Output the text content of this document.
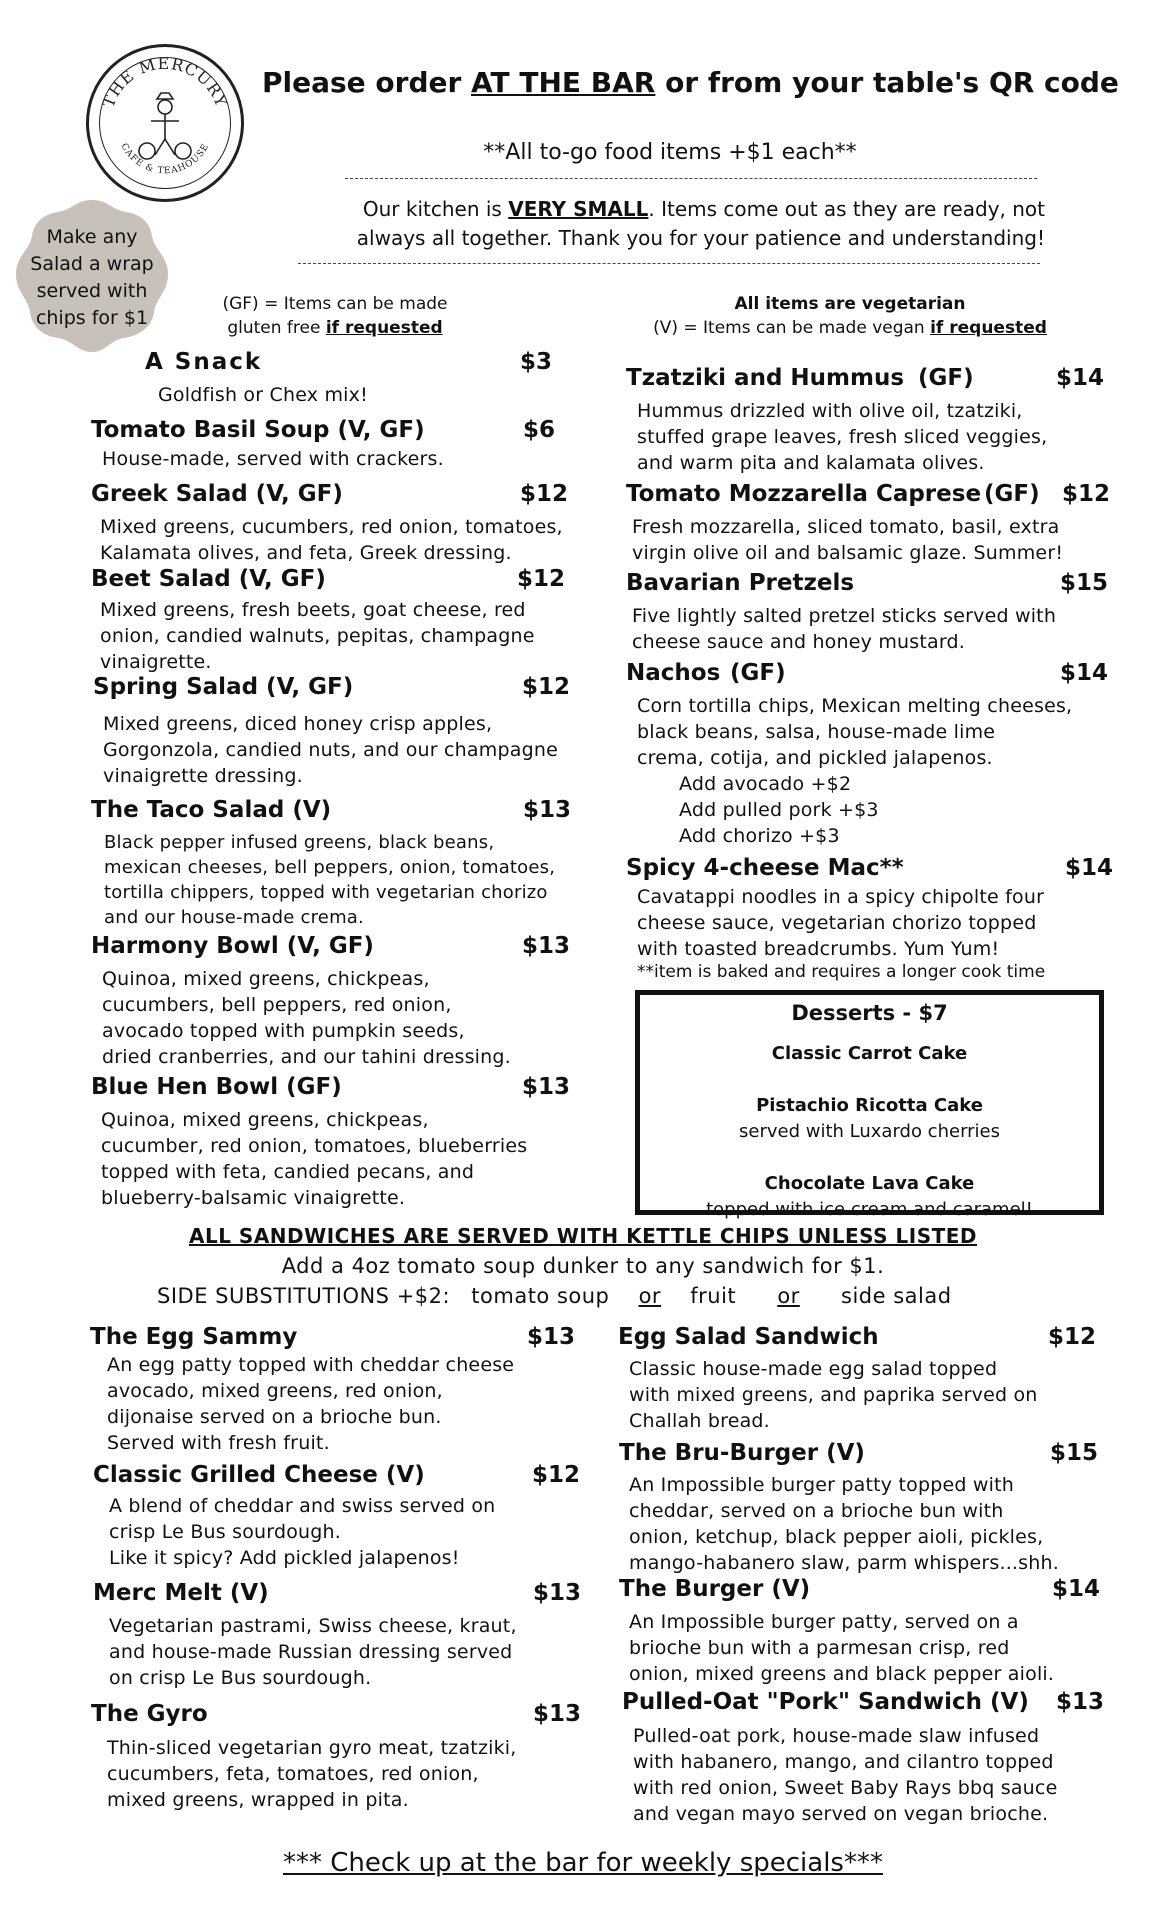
THE MERCURY
CAFE & TEAHOUSE
Make any
Salad a wrap
served with
chips for $1
Please order AT THE BAR or from your table's QR code
**All to-go food items +$1 each**
Our kitchen is VERY SMALL. Items come out as they are ready, not
always all together. Thank you for your patience and understanding!
(GF) = Items can be made
gluten free if requested
All items are vegetarian
(V) = Items can be made vegan if requested
A Snack	$3
Goldfish or Chex mix!
Tomato Basil Soup (V, GF)	$6
House-made, served with crackers.
Greek Salad (V, GF)	$12
Mixed greens, cucumbers, red onion, tomatoes,
Kalamata olives, and feta, Greek dressing.
Beet Salad (V, GF)	$12
Mixed greens, fresh beets, goat cheese, red
onion, candied walnuts, pepitas, champagne
vinaigrette.
Spring Salad (V, GF)	$12
Mixed greens, diced honey crisp apples,
Gorgonzola, candied nuts, and our champagne
vinaigrette dressing.
The Taco Salad (V)	$13
Black pepper infused greens, black beans,
mexican cheeses, bell peppers, onion, tomatoes,
tortilla chippers, topped with vegetarian chorizo
and our house-made crema.
Harmony Bowl (V, GF)	$13
Quinoa, mixed greens, chickpeas,
cucumbers, bell peppers, red onion,
avocado topped with pumpkin seeds,
dried cranberries, and our tahini dressing.
Blue Hen Bowl (GF)	$13
Quinoa, mixed greens, chickpeas,
cucumber, red onion, tomatoes, blueberries
topped with feta, candied pecans, and
blueberry-balsamic vinaigrette.
Tzatziki and Hummus (GF)	$14
Hummus drizzled with olive oil, tzatziki,
stuffed grape leaves, fresh sliced veggies,
and warm pita and kalamata olives.
Tomato Mozzarella Caprese (GF) $12
Fresh mozzarella, sliced tomato, basil, extra
virgin olive oil and balsamic glaze. Summer!
Bavarian Pretzels	$15
Five lightly salted pretzel sticks served with
cheese sauce and honey mustard.
Nachos (GF)	$14
Corn tortilla chips, Mexican melting cheeses,
black beans, salsa, house-made lime
crema, cotija, and pickled jalapenos.
Add avocado +$2
Add pulled pork +$3
Add chorizo +$3
Spicy 4-cheese Mac**	$14
Cavatappi noodles in a spicy chipolte four
cheese sauce, vegetarian chorizo topped
with toasted breadcrumbs. Yum Yum!
**item is baked and requires a longer cook time
Desserts - $7
Classic Carrot Cake
Pistachio Ricotta Cake
served with Luxardo cherries
Chocolate Lava Cake
topped with ice cream and caramel!
ALL SANDWICHES ARE SERVED WITH KETTLE CHIPS UNLESS LISTED
Add a 4oz tomato soup dunker to any sandwich for $1.
SIDE SUBSTITUTIONS +$2: tomato soup or fruit or side salad
The Egg Sammy	$13
An egg patty topped with cheddar cheese
avocado, mixed greens, red onion,
dijonaise served on a brioche bun.
Served with fresh fruit.
Classic Grilled Cheese (V)	$12
A blend of cheddar and swiss served on
crisp Le Bus sourdough.
Like it spicy? Add pickled jalapenos!
Merc Melt (V)	$13
Vegetarian pastrami, Swiss cheese, kraut,
and house-made Russian dressing served
on crisp Le Bus sourdough.
The Gyro	$13
Thin-sliced vegetarian gyro meat, tzatziki,
cucumbers, feta, tomatoes, red onion,
mixed greens, wrapped in pita.
Egg Salad Sandwich	$12
Classic house-made egg salad topped
with mixed greens, and paprika served on
Challah bread.
The Bru-Burger (V)	$15
An Impossible burger patty topped with
cheddar, served on a brioche bun with
onion, ketchup, black pepper aioli, pickles,
mango-habanero slaw, parm whispers...shh.
The Burger (V)	$14
An Impossible burger patty, served on a
brioche bun with a parmesan crisp, red
onion, mixed greens and black pepper aioli.
Pulled-Oat "Pork" Sandwich (V) $13
Pulled-oat pork, house-made slaw infused
with habanero, mango, and cilantro topped
with red onion, Sweet Baby Rays bbq sauce
and vegan mayo served on vegan brioche.
*** Check up at the bar for weekly specials***
